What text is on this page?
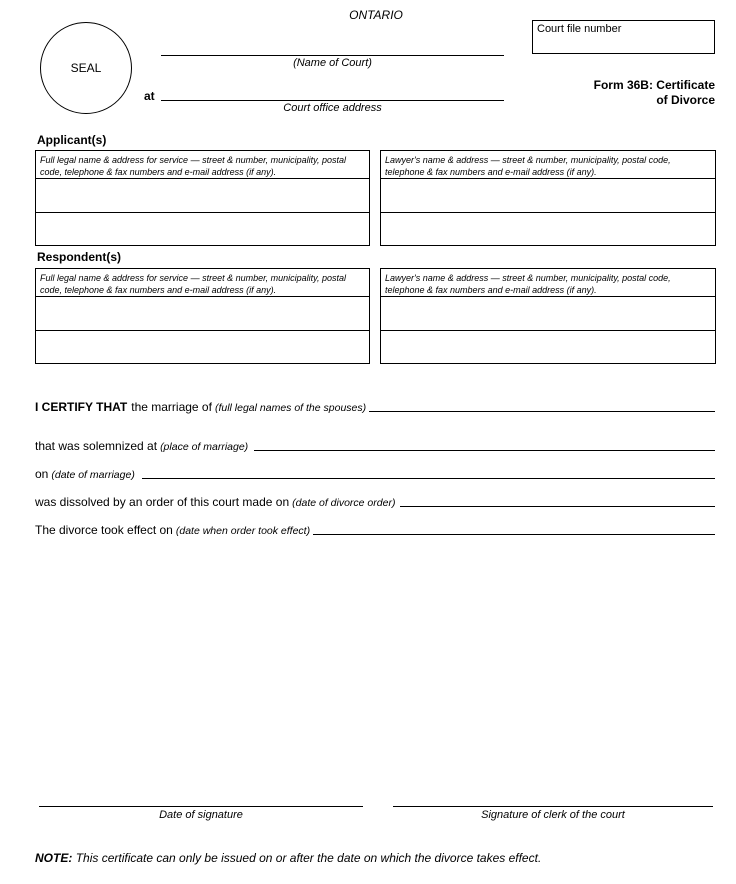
ONTARIO
SEAL	(Name of Court)
at
Court office address
Court file number
Form 36B: Certificate
of Divorce
Applicant(s)
Full legal name & address for service — street & number, municipality, postal code, telephone & fax numbers and e-mail address (if any).
Lawyer's name & address — street & number, municipality, postal code, telephone & fax numbers and e-mail address (if any).
Respondent(s)
Full legal name & address for service — street & number, municipality, postal code, telephone & fax numbers and e-mail address (if any).
Lawyer's name & address — street & number, municipality, postal code, telephone & fax numbers and e-mail address (if any).
I CERTIFY THAT the marriage of (full legal names of the spouses)
that was solemnized at (place of marriage)
on (date of marriage)
was dissolved by an order of this court made on (date of divorce order)
The divorce took effect on (date when order took effect)
Date of signature	Signature of clerk of the court
NOTE: This certificate can only be issued on or after the date on which the divorce takes effect.
